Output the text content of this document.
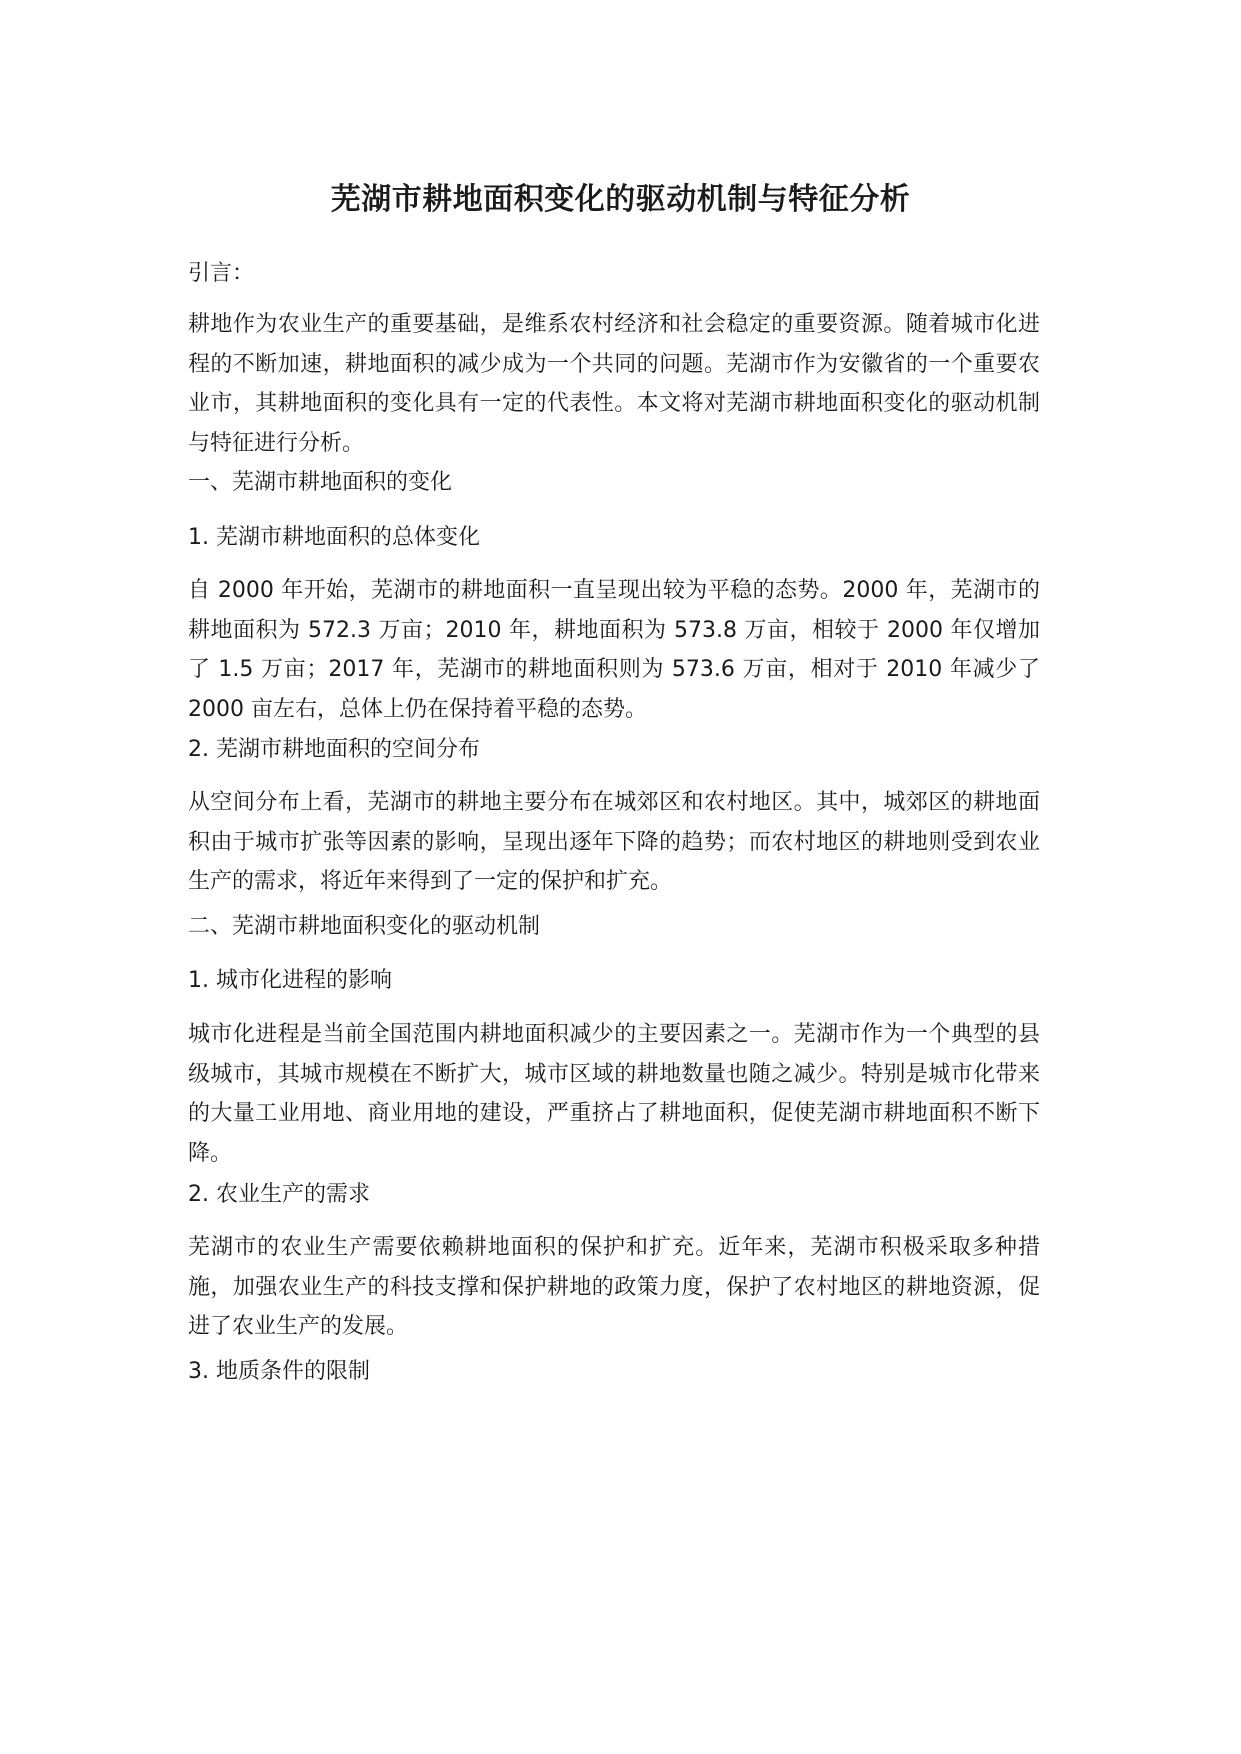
芜湖市耕地面积变化的驱动机制与特征分析

引言：

耕地作为农业生产的重要基础，是维系农村经济和社会稳定的重要资源。随着城市化进程的不断加速，耕地面积的减少成为一个共同的问题。芜湖市作为安徽省的一个重要农业市，其耕地面积的变化具有一定的代表性。本文将对芜湖市耕地面积变化的驱动机制与特征进行分析。

一、芜湖市耕地面积的变化

1. 芜湖市耕地面积的总体变化

自 2000 年开始，芜湖市的耕地面积一直呈现出较为平稳的态势。2000 年，芜湖市的耕地面积为 572.3 万亩；2010 年，耕地面积为 573.8 万亩，相较于 2000 年仅增加了 1.5 万亩；2017 年，芜湖市的耕地面积则为 573.6 万亩，相对于 2010 年减少了 2000 亩左右，总体上仍在保持着平稳的态势。

2. 芜湖市耕地面积的空间分布

从空间分布上看，芜湖市的耕地主要分布在城郊区和农村地区。其中，城郊区的耕地面积由于城市扩张等因素的影响，呈现出逐年下降的趋势；而农村地区的耕地则受到农业生产的需求，将近年来得到了一定的保护和扩充。

二、芜湖市耕地面积变化的驱动机制

1. 城市化进程的影响

城市化进程是当前全国范围内耕地面积减少的主要因素之一。芜湖市作为一个典型的县级城市，其城市规模在不断扩大，城市区域的耕地数量也随之减少。特别是城市化带来的大量工业用地、商业用地的建设，严重挤占了耕地面积，促使芜湖市耕地面积不断下降。

2. 农业生产的需求

芜湖市的农业生产需要依赖耕地面积的保护和扩充。近年来，芜湖市积极采取多种措施，加强农业生产的科技支撑和保护耕地的政策力度，保护了农村地区的耕地资源，促进了农业生产的发展。

3. 地质条件的限制
